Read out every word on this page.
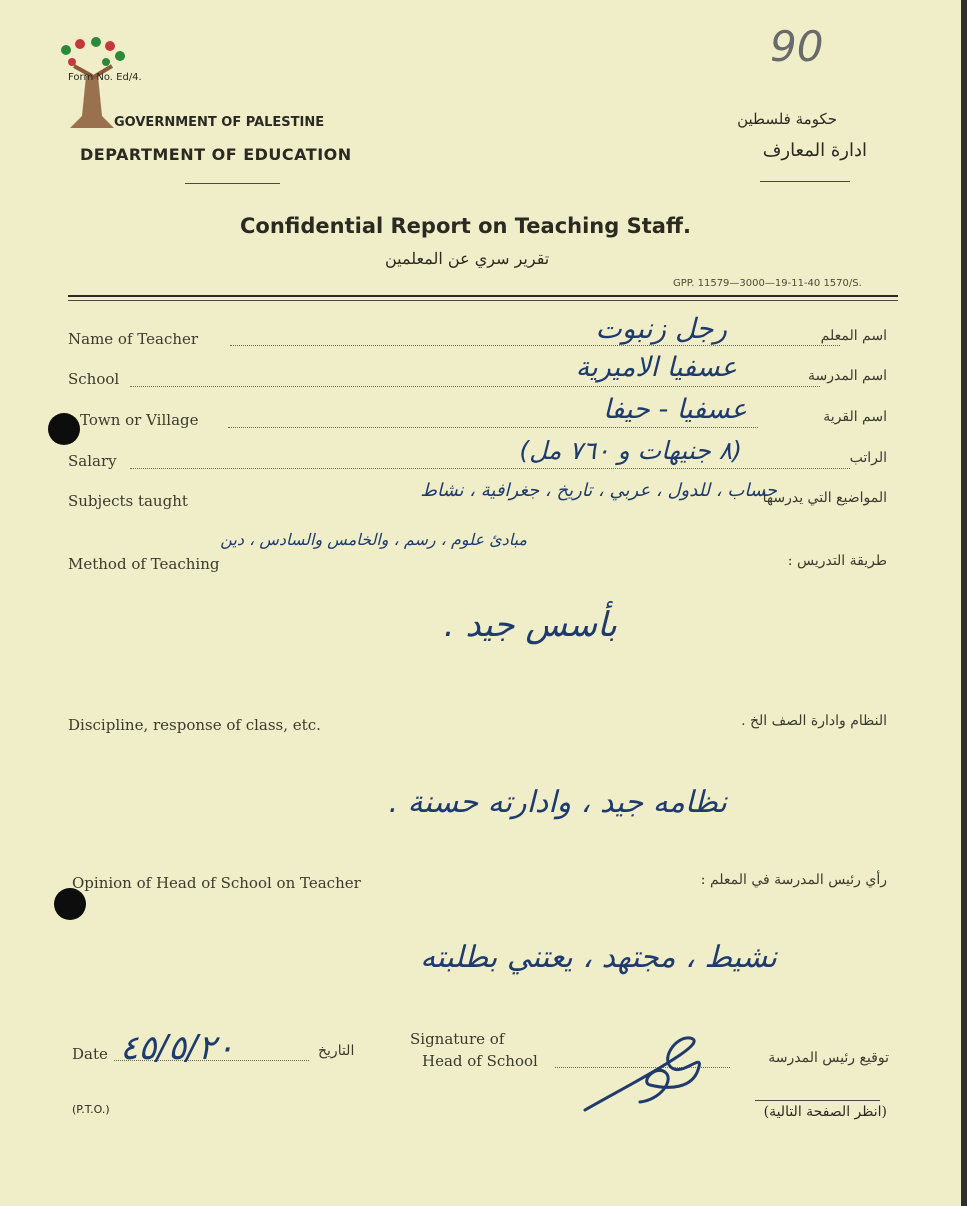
90
Form No. Ed/4.
GOVERNMENT OF PALESTINE
DEPARTMENT OF EDUCATION
حكومة فلسطين
ادارة المعارف
Confidential Report on Teaching Staff.
تقرير سري عن المعلمين
GPP. 11579—3000—19-11-40 1570/S.
Name of Teacher	اسم المعلم
رجل زنبوت
School	اسم المدرسة
عسفيا الاميرية
Town or Village	اسم القرية
عسفيا - حيفا
Salary	الراتب
(٨ جنيهات و ٧٦٠ مل)
Subjects taught	المواضيع التي يدرسها
حساب ، للدول ، عربي ، تاريخ ، جغرافية ، نشاط
مبادئ علوم ، رسم ، والخامس والسادس ، دين
Method of Teaching	طريقة التدريس :
بأسس جيد .
Discipline, response of class, etc.	النظام وادارة الصف الخ .
نظامه جيد ، وادارته حسنة .
Opinion of Head of School on Teacher	رأي رئيس المدرسة في المعلم :
نشيط ، مجتهد ، يعتني بطلبته
Date ٤٥/٥/٢٠	التاريخ
Signature of
Head of School	توقيع رئيس المدرسة
(P.T.O.)	(انظر الصفحة التالية)
